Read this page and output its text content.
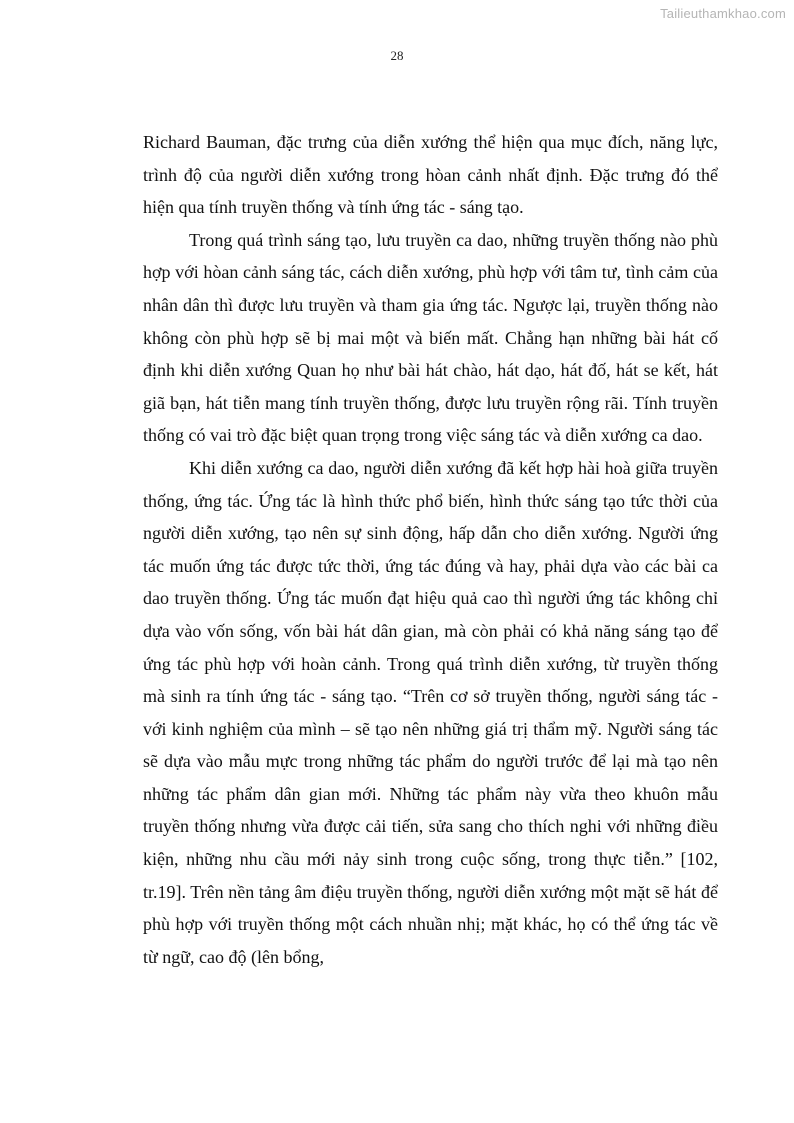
Tailieuthamkhao.com
28

Richard Bauman, đặc trưng của diễn xướng thể hiện qua mục đích, năng lực, trình độ của người diễn xướng trong hòan cảnh nhất định. Đặc trưng đó thể hiện qua tính truyền thống và tính ứng tác - sáng tạo.

Trong quá trình sáng tạo, lưu truyền ca dao, những truyền thống nào phù hợp với hòan cảnh sáng tác, cách diễn xướng, phù hợp với tâm tư, tình cảm của nhân dân thì được lưu truyền và tham gia ứng tác. Ngược lại, truyền thống nào không còn phù hợp sẽ bị mai một và biến mất. Chẳng hạn những bài hát cố định khi diễn xướng Quan họ như bài hát chào, hát dạo, hát đố, hát se kết, hát giã bạn, hát tiễn mang tính truyền thống, được lưu truyền rộng rãi. Tính truyền thống có vai trò đặc biệt quan trọng trong việc sáng tác và diễn xướng ca dao.

Khi diễn xướng ca dao, người diễn xướng đã kết hợp hài hoà giữa truyền thống, ứng tác. Ứng tác là hình thức phổ biến, hình thức sáng tạo tức thời của người diễn xướng, tạo nên sự sinh động, hấp dẫn cho diễn xướng. Người ứng tác muốn ứng tác được tức thời, ứng tác đúng và hay, phải dựa vào các bài ca dao truyền thống. Ứng tác muốn đạt hiệu quả cao thì người ứng tác không chỉ dựa vào vốn sống, vốn bài hát dân gian, mà còn phải có khả năng sáng tạo để ứng tác phù hợp với hoàn cảnh. Trong quá trình diễn xướng, từ truyền thống mà sinh ra tính ứng tác - sáng tạo. “Trên cơ sở truyền thống, người sáng tác - với kinh nghiệm của mình – sẽ tạo nên những giá trị thẩm mỹ. Người sáng tác sẽ dựa vào mẫu mực trong những tác phẩm do người trước để lại mà tạo nên những tác phẩm dân gian mới. Những tác phẩm này vừa theo khuôn mẫu truyền thống nhưng vừa được cải tiến, sửa sang cho thích nghi với những điều kiện, những nhu cầu mới nảy sinh trong cuộc sống, trong thực tiễn.” [102, tr.19]. Trên nền tảng âm điệu truyền thống, người diễn xướng một mặt sẽ hát để phù hợp với truyền thống một cách nhuần nhị; mặt khác, họ có thể ứng tác về từ ngữ, cao độ (lên bổng,
